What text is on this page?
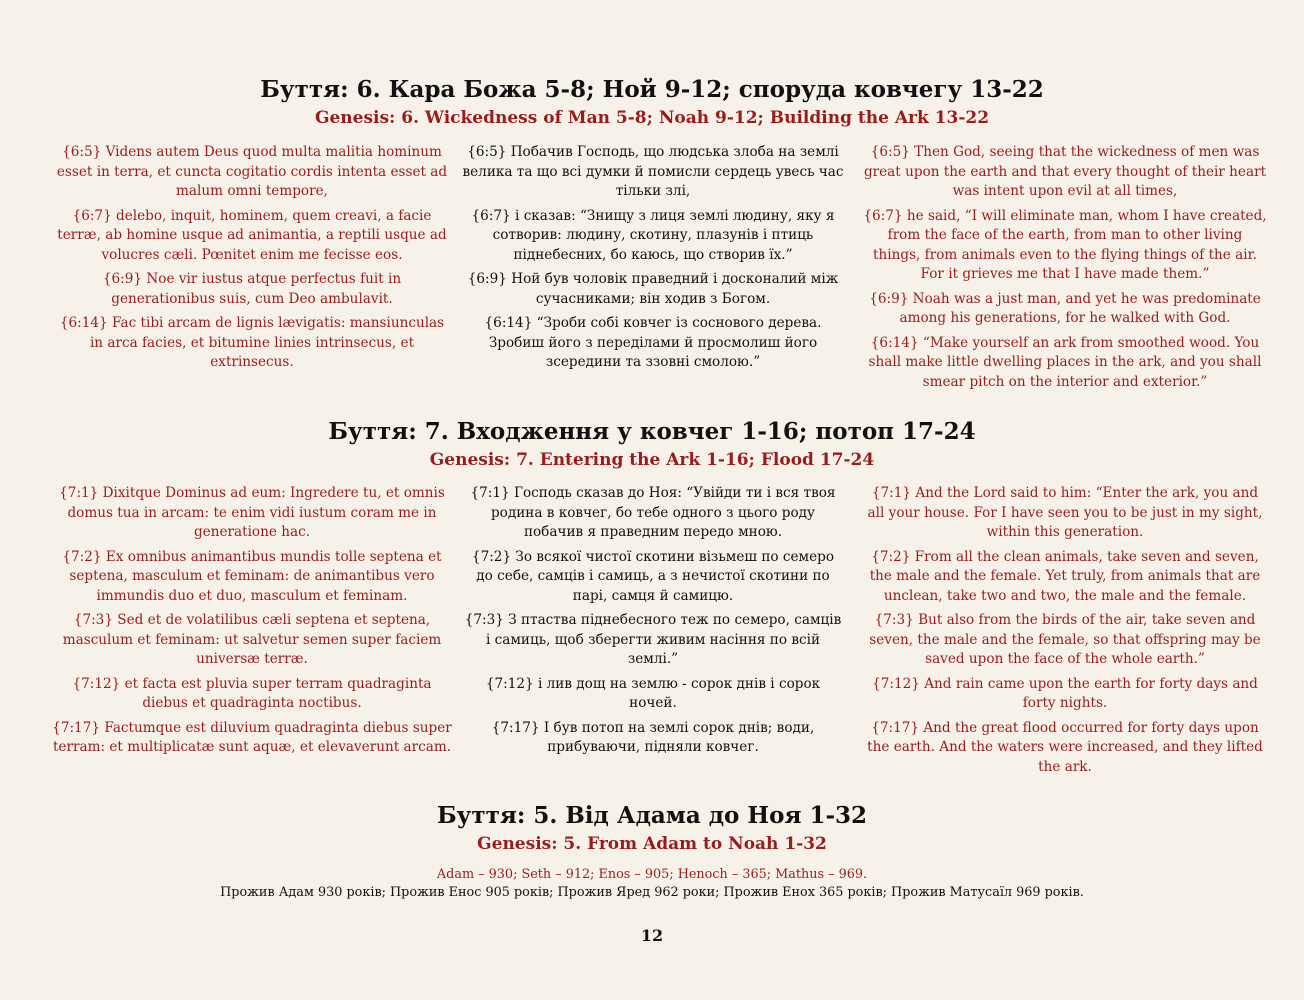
Буття: 6. Кара Божа 5-8; Ной 9-12; споруда ковчегу 13-22
Genesis: 6. Wickedness of Man 5-8; Noah 9-12; Building the Ark 13-22

{6:5} Videns autem Deus quod multa malitia hominum esset in terra, et cuncta cogitatio cordis intenta esset ad malum omni tempore,

{6:7} delebo, inquit, hominem, quem creavi, a facie terræ, ab homine usque ad animantia, a reptili usque ad volucres cæli. Pœnitet enim me fecisse eos.

{6:9} Noe vir iustus atque perfectus fuit in generationibus suis, cum Deo ambulavit.

{6:14} Fac tibi arcam de lignis lævigatis: mansiunculas in arca facies, et bitumine linies intrinsecus, et extrinsecus.

{6:5} Побачив Господь, що людська злоба на землі велика та що всі думки й помисли сердець увесь час тільки злі,

{6:7} і сказав: “Знищу з лиця землі людину, яку я сотворив: людину, скотину, плазунів і птиць піднебесних, бо каюсь, що створив їх.”

{6:9} Ной був чоловік праведний і досконалий між сучасниками; він ходив з Богом.

{6:14} “Зроби собі ковчег із соснового дерева. Зробиш його з переділами й просмолиш його зсередини та ззовні смолою.”

{6:5} Then God, seeing that the wickedness of men was great upon the earth and that every thought of their heart was intent upon evil at all times,

{6:7} he said, “I will eliminate man, whom I have created, from the face of the earth, from man to other living things, from animals even to the flying things of the air. For it grieves me that I have made them.”

{6:9} Noah was a just man, and yet he was predominate among his generations, for he walked with God.

{6:14} “Make yourself an ark from smoothed wood. You shall make little dwelling places in the ark, and you shall smear pitch on the interior and exterior.”

Буття: 7. Входження у ковчег 1-16; потоп 17-24
Genesis: 7. Entering the Ark 1-16; Flood 17-24

{7:1} Dixitque Dominus ad eum: Ingredere tu, et omnis domus tua in arcam: te enim vidi iustum coram me in generatione hac.

{7:2} Ex omnibus animantibus mundis tolle septena et septena, masculum et feminam: de animantibus vero immundis duo et duo, masculum et feminam.

{7:3} Sed et de volatilibus cæli septena et septena, masculum et feminam: ut salvetur semen super faciem universæ terræ.

{7:12} et facta est pluvia super terram quadraginta diebus et quadraginta noctibus.

{7:17} Factumque est diluvium quadraginta diebus super terram: et multiplicatæ sunt aquæ, et elevaverunt arcam.

{7:1} Господь сказав до Ноя: “Увійди ти і вся твоя родина в ковчег, бо тебе одного з цього роду побачив я праведним передо мною.

{7:2} Зо всякої чистої скотини візьмеш по семеро до себе, самців і самиць, а з нечистої скотини по парі, самця й самицю.

{7:3} З птаства піднебесного теж по семеро, самців і самиць, щоб зберегти живим насіння по всій землі.”

{7:12} і лив дощ на землю - сорок днів і сорок ночей.

{7:17} І був потоп на землі сорок днів; води, прибуваючи, підняли ковчег.

{7:1} And the Lord said to him: “Enter the ark, you and all your house. For I have seen you to be just in my sight, within this generation.

{7:2} From all the clean animals, take seven and seven, the male and the female. Yet truly, from animals that are unclean, take two and two, the male and the female.

{7:3} But also from the birds of the air, take seven and seven, the male and the female, so that offspring may be saved upon the face of the whole earth.”

{7:12} And rain came upon the earth for forty days and forty nights.

{7:17} And the great flood occurred for forty days upon the earth. And the waters were increased, and they lifted the ark.

Буття: 5. Від Адама до Ноя 1-32
Genesis: 5. From Adam to Noah 1-32

Adam – 930; Seth – 912; Enos – 905; Henoch – 365; Mathus – 969.

Прожив Адам 930 років; Прожив Енос 905 років; Прожив Яред 962 роки; Прожив Енох 365 років; Прожив Матусаїл 969 років.

12
